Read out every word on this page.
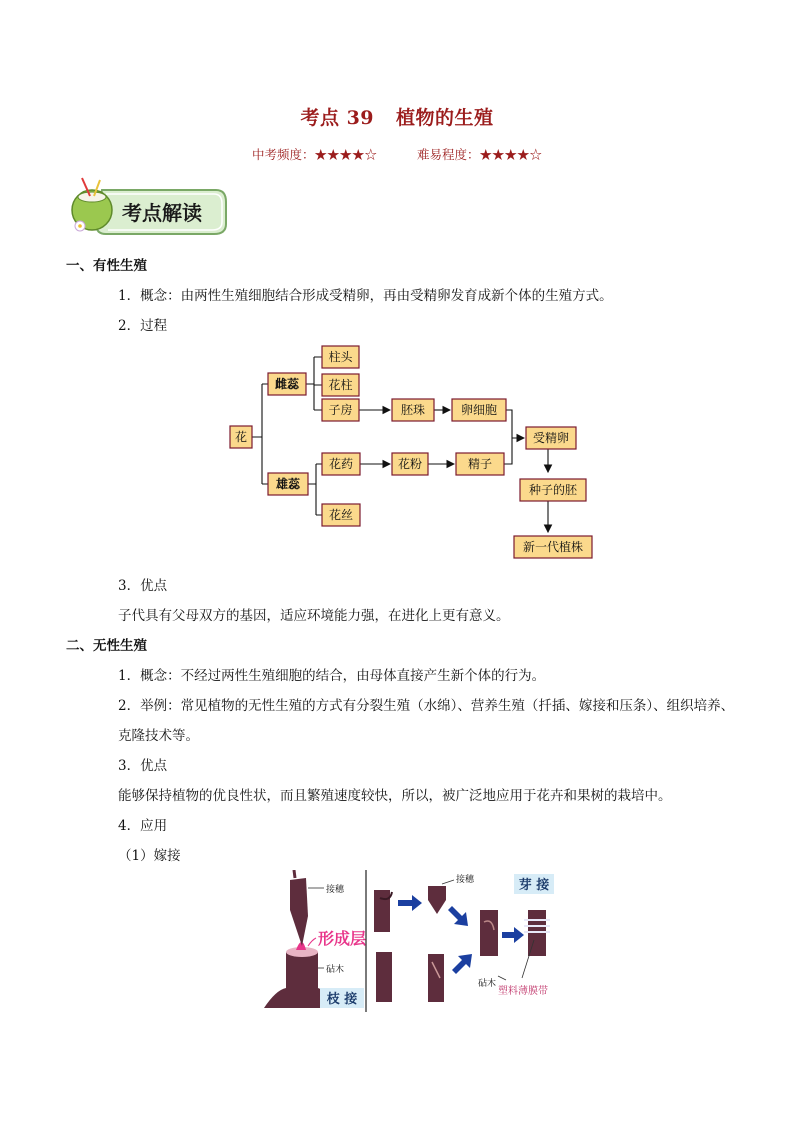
考点 39 植物的生殖
中考频度：★★★★☆	难易程度：★★★★☆
考点解读
一、有性生殖
1．概念：由两性生殖细胞结合形成受精卵，再由受精卵发育成新个体的生殖方式。
2．过程
花
雌蕊
雄蕊
柱头
花柱
子房
花药
花丝
胚珠	卵细胞
花粉	精子
受精卵
种子的胚
新一代植株
3．优点
子代具有父母双方的基因，适应环境能力强，在进化上更有意义。
二、无性生殖
1．概念：不经过两性生殖细胞的结合，由母体直接产生新个体的行为。
2．举例：常见植物的无性生殖的方式有分裂生殖（水绵）、营养生殖（扦插、嫁接和压条）、组织培养、
克隆技术等。
3．优点
能够保持植物的优良性状，而且繁殖速度较快，所以，被广泛地应用于花卉和果树的栽培中。
4．应用
（1）嫁接
接穗
形成层
砧木
枝 接
接穗
砧木
芽 接
塑料薄膜带
